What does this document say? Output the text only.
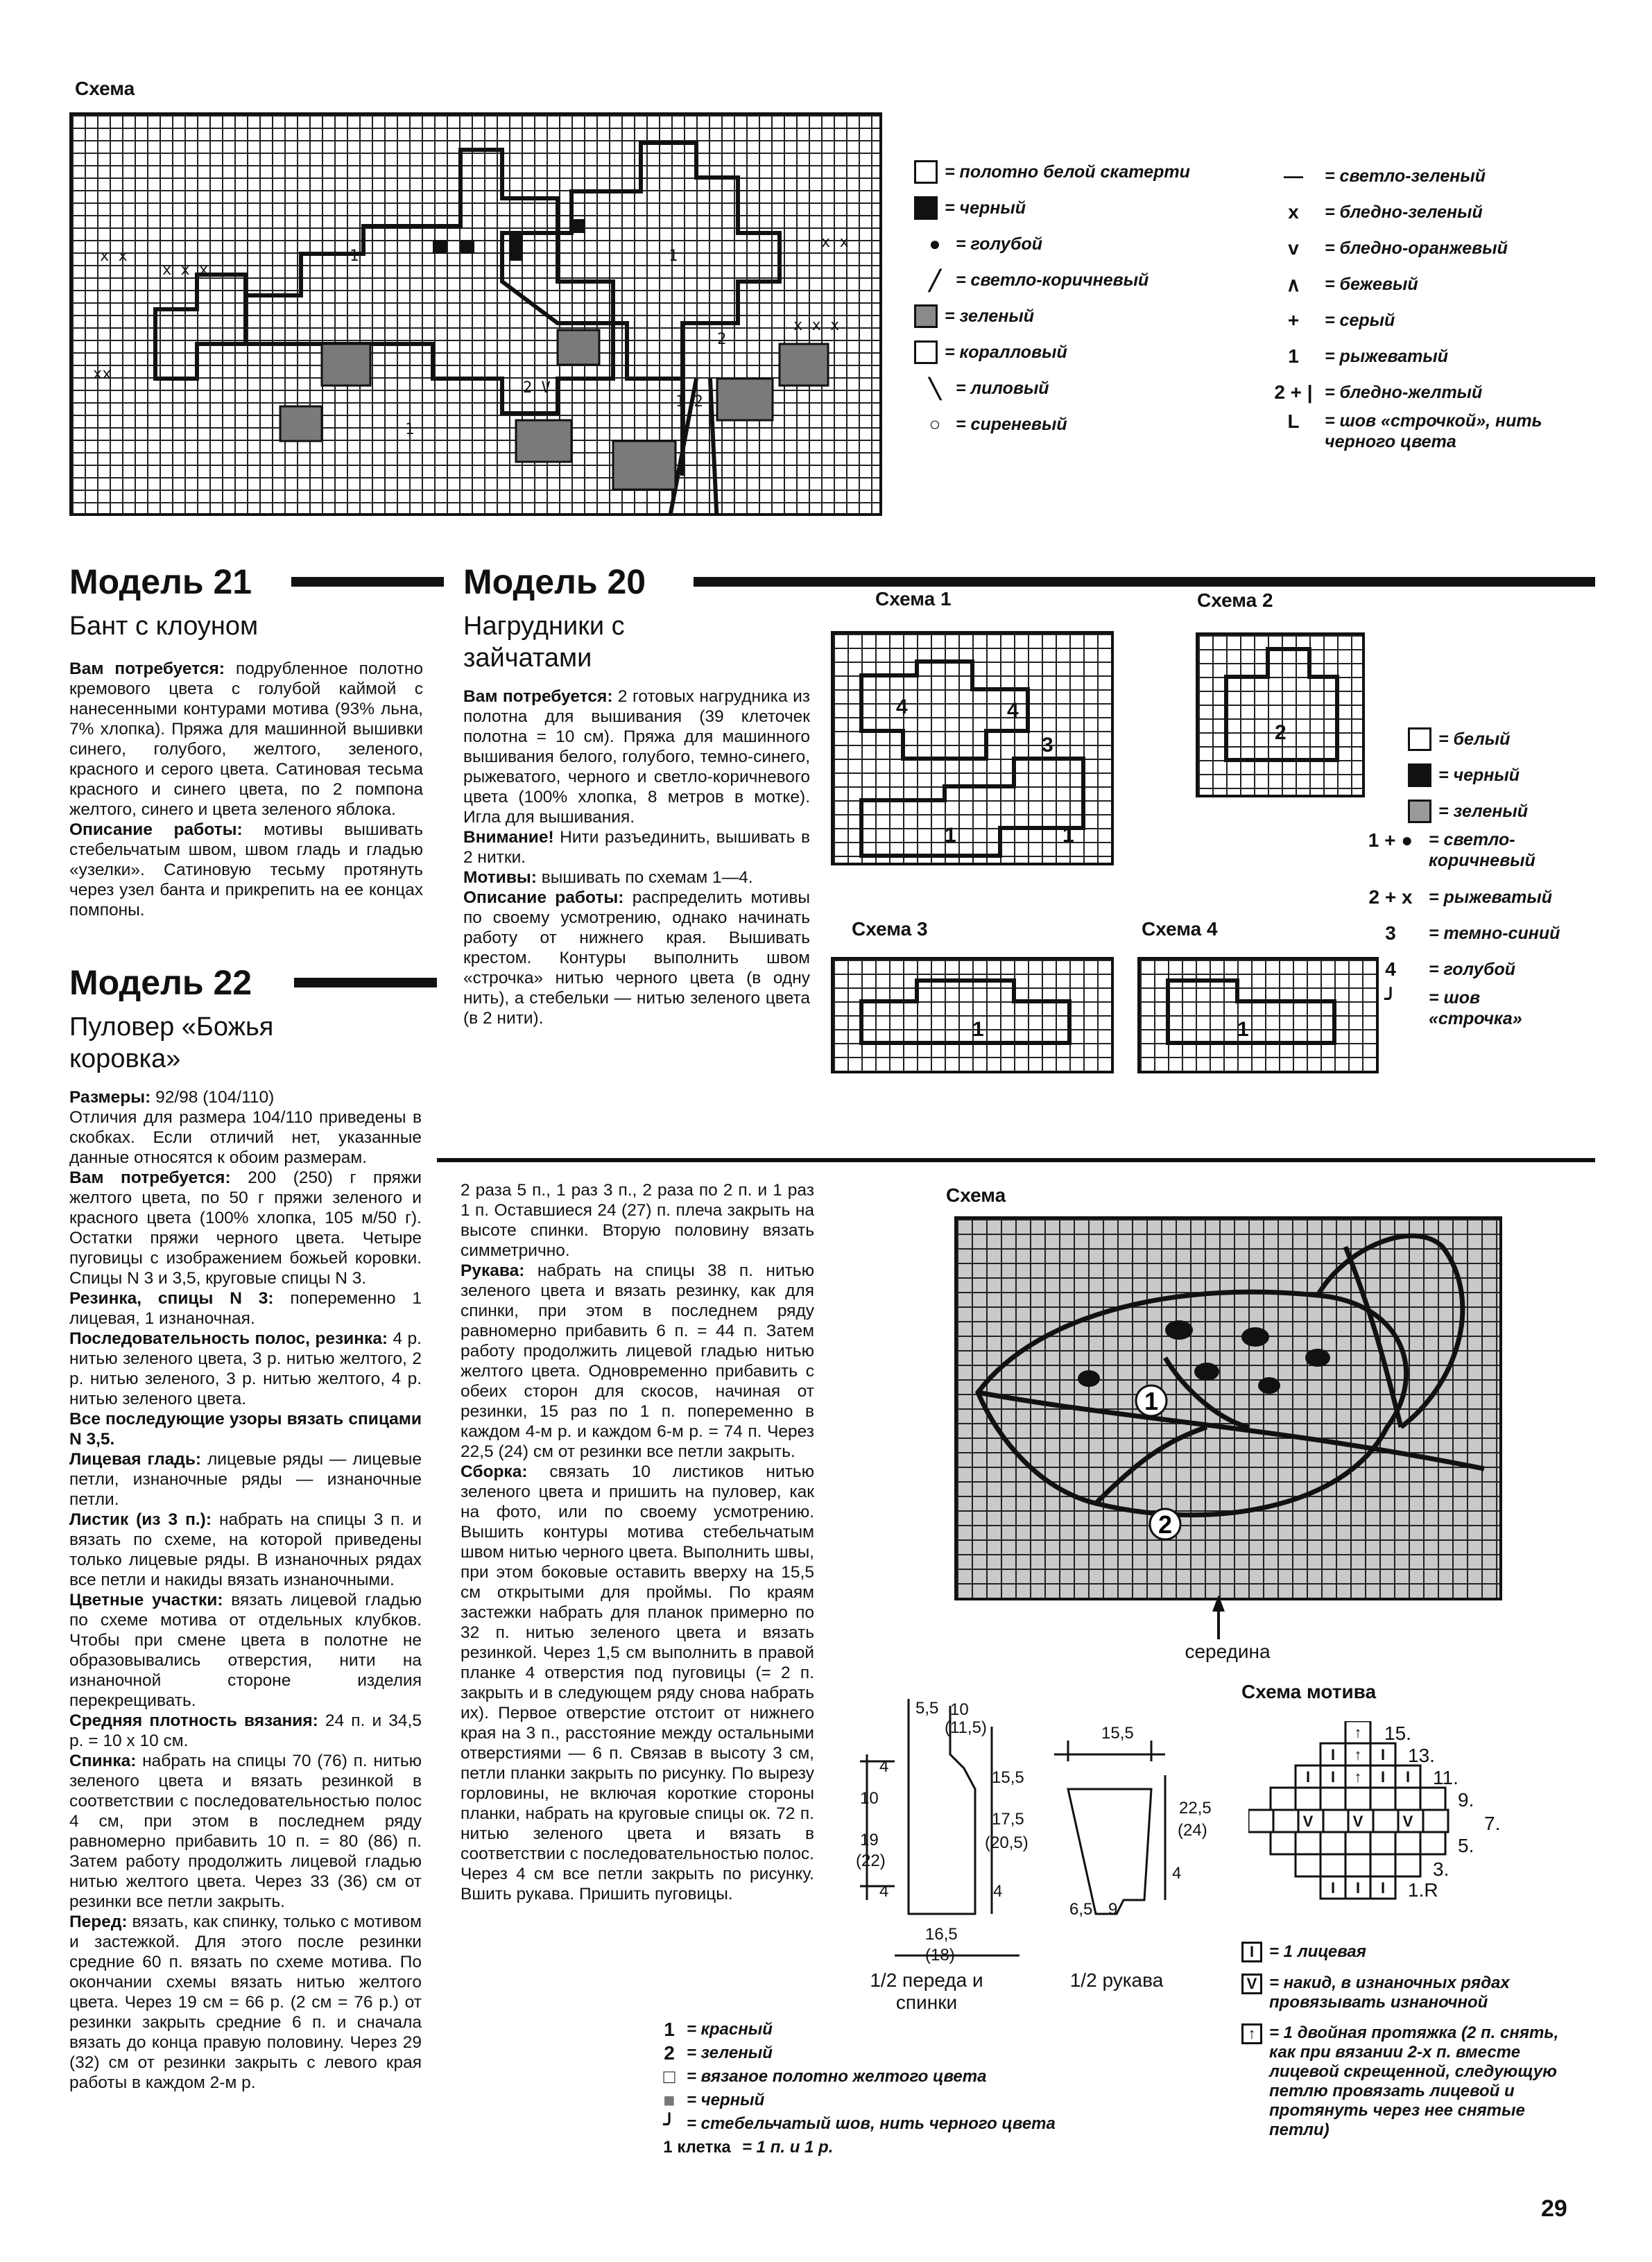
Схема
x x
x x x
xx
x x
x x x
1
2 V
2
1 2
1	1
= полотно белой скатерти
= черный
● = голубой
╱ = светло-коричневый
= зеленый
= коралловый
╲ = лиловый
○ = сиреневый
—	= светло-зеленый
x	= бледно-зеленый
v	= бледно-оранжевый
∧	= бежевый
+	= серый
1	= рыжеватый
2 + | = бледно-желтый
L	= шов «строчкой», нить черного цвета
Модель 21
Бант с клоуном

Вам потребуется: подрубленное полотно кремового цвета с голубой каймой с нанесенными контурами мотива (93% льна, 7% хлопка). Пряжа для машинной вышивки синего, голубого, желтого, зеленого, красного и серого цвета. Сатиновая тесьма красного и синего цвета, по 2 помпона желтого, синего и цвета зеленого яблока.

Описание работы: мотивы вышивать стебельчатым швом, швом гладь и гладью «узелки». Сатиновую тесьму протянуть через узел банта и прикрепить на ее концах помпоны.

Модель 20
Нагрудники с зайчатами

Вам потребуется: 2 готовых нагрудника из полотна для вышивания (39 клеточек полотна = 10 см). Пряжа для машинного вышивания белого, голубого, темно-синего, рыжеватого, черного и светло-коричневого цвета (100% хлопка, 8 метров в мотке). Игла для вышивания.

Внимание! Нити разъединить, вышивать в 2 нитки.

Мотивы: вышивать по схемам 1—4.

Описание работы: распределить мотивы по своему усмотрению, однако начинать работу от нижнего края. Вышивать крестом. Контуры выполнить швом «строчка» нитью черного цвета (в одну нить), а стебельки — нитью зеленого цвета (в 2 нити).

Схема 1
4	4
3
1	1
Схема 2
2
Схема 3
1
Схема 4
1
= белый
= черный
= зеленый
1 + ● = светло-коричневый
2 + x = рыжеватый
3	= темно-синий
4	= голубой
╯	= шов «строчка»
Модель 22
Пуловер «Божья коровка»

Размеры: 92/98 (104/110)

Отличия для размера 104/110 приведены в скобках. Если отличий нет, указанные данные относятся к обоим размерам.

Вам потребуется: 200 (250) г пряжи желтого цвета, по 50 г пряжи зеленого и красного цвета (100% хлопка, 105 м/50 г). Остатки пряжи черного цвета. Четыре пуговицы с изображением божьей коровки. Спицы N 3 и 3,5, круговые спицы N 3.

Резинка, спицы N 3: попеременно 1 лицевая, 1 изнаночная.

Последовательность полос, резинка: 4 р. нитью зеленого цвета, 3 р. нитью желтого, 2 р. нитью зеленого, 3 р. нитью желтого, 4 р. нитью зеленого цвета.

Все последующие узоры вязать спицами N 3,5.

Лицевая гладь: лицевые ряды — лицевые петли, изнаночные ряды — изнаночные петли.

Листик (из 3 п.): набрать на спицы 3 п. и вязать по схеме, на которой приведены только лицевые ряды. В изнаночных рядах все петли и накиды вязать изнаночными.

Цветные участки: вязать лицевой гладью по схеме мотива от отдельных клубков. Чтобы при смене цвета в полотне не образовывались отверстия, нити на изнаночной стороне изделия перекрещивать.

Средняя плотность вязания: 24 п. и 34,5 р. = 10 х 10 см.

Спинка: набрать на спицы 70 (76) п. нитью зеленого цвета и вязать резинкой в соответствии с последовательностью полос 4 см, при этом в последнем ряду равномерно прибавить 10 п. = 80 (86) п. Затем работу продолжить лицевой гладью нитью желтого цвета. Через 33 (36) см от резинки все петли закрыть.

Перед: вязать, как спинку, только с мотивом и застежкой. Для этого после резинки средние 60 п. вязать по схеме мотива. По окончании схемы вязать нитью желтого цвета. Через 19 см = 66 р. (2 см = 76 р.) от резинки закрыть средние 6 п. и сначала вязать до конца правую половину. Через 29 (32) см от резинки закрыть с левого края работы в каждом 2-м р.

2 раза 5 п., 1 раз 3 п., 2 раза по 2 п. и 1 раз 1 п. Оставшиеся 24 (27) п. плеча закрыть на высоте спинки. Вторую половину вязать симметрично.

Рукава: набрать на спицы 38 п. нитью зеленого цвета и вязать резинку, как для спинки, при этом в последнем ряду равномерно прибавить 6 п. = 44 п. Затем работу продолжить лицевой гладью нитью желтого цвета. Одновременно прибавить с обеих сторон для скосов, начиная от резинки, 15 раз по 1 п. попеременно в каждом 4-м р. и каждом 6-м р. = 74 п. Через 22,5 (24) см от резинки все петли закрыть.

Сборка: связать 10 листиков нитью зеленого цвета и пришить на пуловер, как на фото, или по своему усмотрению. Вышить контуры мотива стебельчатым швом нитью черного цвета. Выполнить швы, при этом боковые оставить вверху на 15,5 см открытыми для проймы. По краям застежки набрать для планок примерно по 32 п. нитью зеленого цвета и вязать резинкой. Через 1,5 см выполнить в правой планке 4 отверстия под пуговицы (= 2 п. закрыть и в следующем ряду снова набрать их). Первое отверстие отстоит от нижнего края на 3 п., расстояние между остальными отверстиями — 6 п. Связав в высоту 3 см, петли планки закрыть по рисунку. По вырезу горловины, не включая короткие стороны планки, набрать на круговые спицы ок. 72 п. нитью зеленого цвета и вязать в соответствии с последовательностью полос. Через 4 см все петли закрыть по рисунку. Вшить рукава. Пришить пуговицы.

Схема
1
2
середина
5,5 10
(11,5)
4
10
19
(22)
4
15,5
17,5
(20,5)
4
16,5
(18)
1/2 переда и спинки
15,5
22,5
(24)
4
6,5 9
1/2 рукава
Схема мотива
↑
I ↑ I
I I ↑ I I
V	V	V
I I I
15.
13.
11.
9.
7.
5.
3.
1.R
1 = красный
2 = зеленый
□ = вязаное полотно желтого цвета
■ = черный
╯ = стебельчатый шов, нить черного цвета
1 клетка = 1 п. и 1 р.
I = 1 лицевая
V = накид, в изнаночных рядах провязывать изнаночной
↑ = 1 двойная протяжка (2 п. снять, как при вязании 2-х п. вместе лицевой скрещенной, следующую петлю провязать лицевой и протянуть через нее снятые петли)
29
